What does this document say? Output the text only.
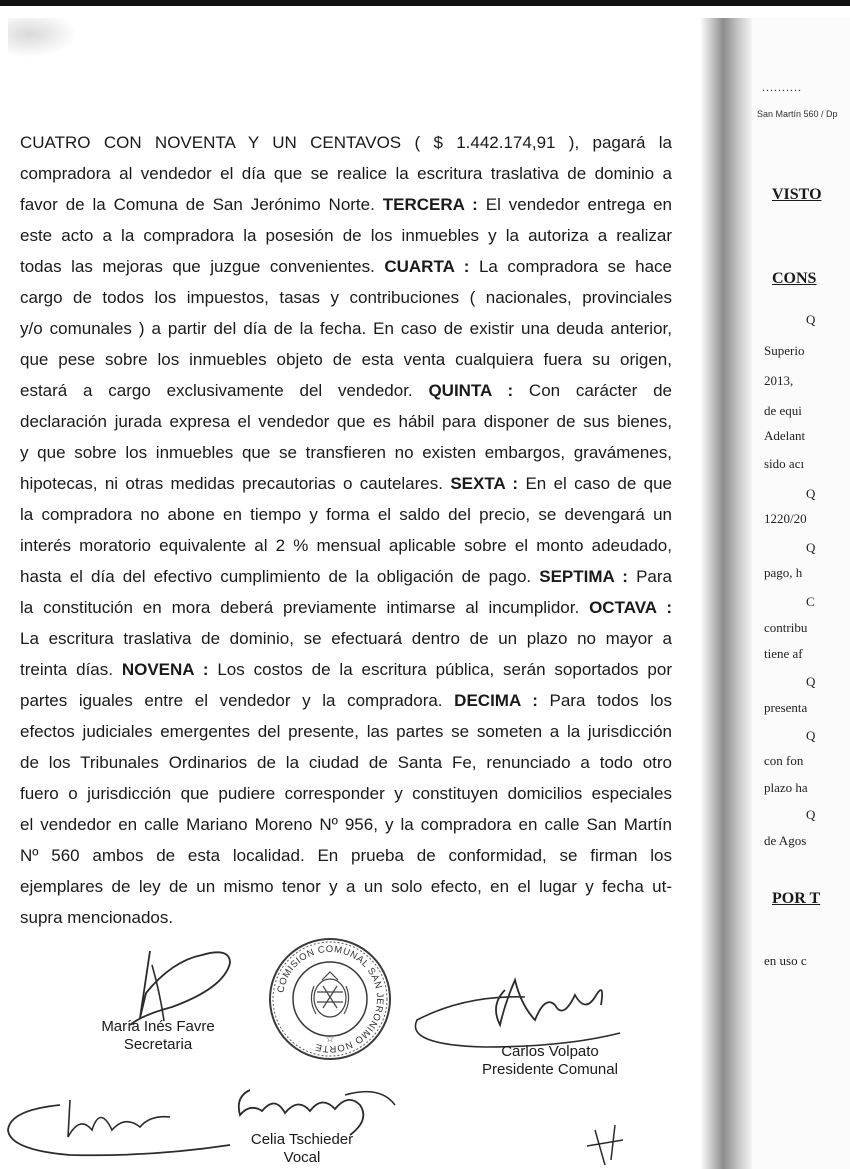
CUATRO CON NOVENTA Y UN CENTAVOS ( $ 1.442.174,91 ), pagará la
compradora al vendedor el día que se realice la escritura traslativa de dominio a
favor de la Comuna de San Jerónimo Norte. TERCERA : El vendedor entrega en
este acto a la compradora la posesión de los inmuebles y la autoriza a realizar
todas las mejoras que juzgue convenientes. CUARTA : La compradora se hace
cargo de todos los impuestos, tasas y contribuciones ( nacionales, provinciales
y/o comunales ) a partir del día de la fecha. En caso de existir una deuda anterior,
que pese sobre los inmuebles objeto de esta venta cualquiera fuera su origen,
estará a cargo exclusivamente del vendedor. QUINTA : Con carácter de
declaración jurada expresa el vendedor que es hábil para disponer de sus bienes,
y que sobre los inmuebles que se transfieren no existen embargos, gravámenes,
hipotecas, ni otras medidas precautorias o cautelares. SEXTA : En el caso de que
la compradora no abone en tiempo y forma el saldo del precio, se devengará un
interés moratorio equivalente al 2 % mensual aplicable sobre el monto adeudado,
hasta el día del efectivo cumplimiento de la obligación de pago. SEPTIMA : Para
la constitución en mora deberá previamente intimarse al incumplidor. OCTAVA :
La escritura traslativa de dominio, se efectuará dentro de un plazo no mayor a
treinta días. NOVENA : Los costos de la escritura pública, serán soportados por
partes iguales entre el vendedor y la compradora. DECIMA : Para todos los
efectos judiciales emergentes del presente, las partes se someten a la jurisdicción
de los Tribunales Ordinarios de la ciudad de Santa Fe, renunciado a todo otro
fuero o jurisdicción que pudiere corresponder y constituyen domicilios especiales
el vendedor en calle Mariano Moreno Nº 956, y la compradora en calle San Martín
Nº 560 ambos de esta localidad. En prueba de conformidad, se firman los
ejemplares de ley de un mismo tenor y a un solo efecto, en el lugar y fecha ut-
supra mencionados.
..........
San Martín 560 / Dp
VISTO
CONS
Q
Superio
2013,
de equi
Adelant
sido acı
Q
1220/20
Q
pago, h
C
contribu
tiene af
Q
presenta
Q
con fon
plazo ha
Q
de Agos
en uso c
POR T
COMISION COMUNAL SAN JERONIMO NORTE
☆
María Inés Favre
Secretaria	Carlos Volpato
Presidente Comunal
Celia Tschieder
Vocal
